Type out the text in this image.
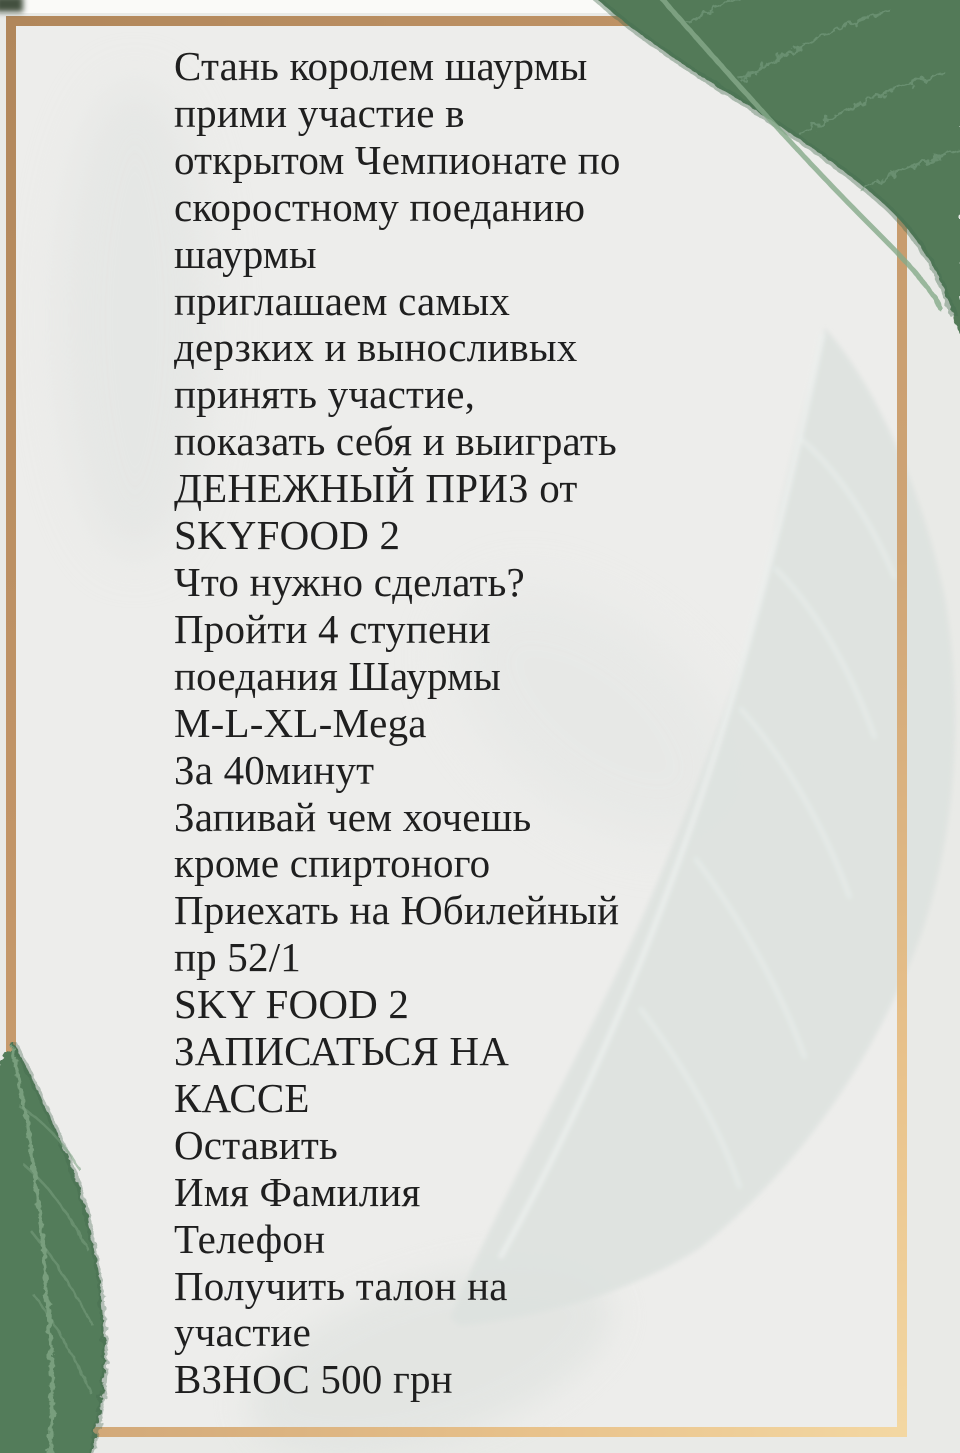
Стань королем шаурмы
прими участие в
открытом Чемпионате по
скоростному поеданию
шаурмы
приглашаем самых
дерзких и выносливых
принять участие,
показать себя и выиграть
ДЕНЕЖНЫЙ ПРИЗ от
SKYFOOD 2
Что нужно сделать?
Пройти 4 ступени
поедания Шаурмы
M-L-XL-Mega
За 40минут
Запивай чем хочешь
кроме спиртоного
Приехать на Юбилейный
пр 52/1
SKY FOOD 2
ЗАПИСАТЬСЯ НА
КАССЕ
Оставить
Имя Фамилия
Телефон
Получить талон на
участие
ВЗНОС 500 грн
